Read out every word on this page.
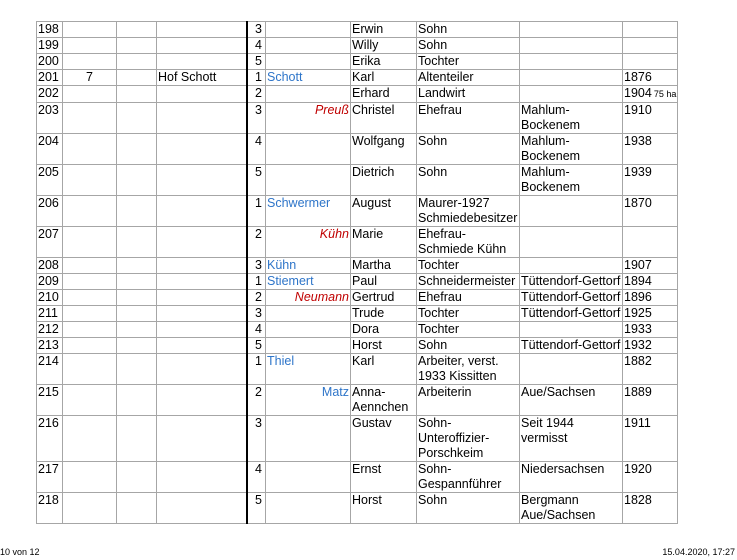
198				3		Erwin	Sohn		
199				4		Willy	Sohn		
200				5		Erika	Tochter		
201	7		Hof Schott	1	Schott	Karl	Altenteiler		1876
202				2		Erhard	Landwirt		1904 75 ha
203				3	Preuß	Christel	Ehefrau	Mahlum-Bockenem	1910
204				4		Wolfgang	Sohn	Mahlum-Bockenem	1938
205				5		Dietrich	Sohn	Mahlum-Bockenem	1939
206				1	Schwermer	August	Maurer-1927 Schmiedebesitzer		1870
207				2	Kühn	Marie	Ehefrau-Schmiede Kühn		
208				3	Kühn	Martha	Tochter		1907
209				1	Stiemert	Paul	Schneidermeister	Tüttendorf-Gettorf	1894
210				2	Neumann	Gertrud	Ehefrau	Tüttendorf-Gettorf	1896
211				3		Trude	Tochter	Tüttendorf-Gettorf	1925
212				4		Dora	Tochter		1933
213				5		Horst	Sohn	Tüttendorf-Gettorf	1932
214				1	Thiel	Karl	Arbeiter, verst. 1933 Kissitten		1882
215				2	Matz	Anna-Aennchen	Arbeiterin	Aue/Sachsen	1889
216				3		Gustav	Sohn-Unteroffizier-Porschkeim	Seit 1944 vermisst	1911
217				4		Ernst	Sohn-Gespannführer	Niedersachsen	1920
218				5		Horst	Sohn	Bergmann Aue/Sachsen	1828
10 von 12	15.04.2020, 17:27
